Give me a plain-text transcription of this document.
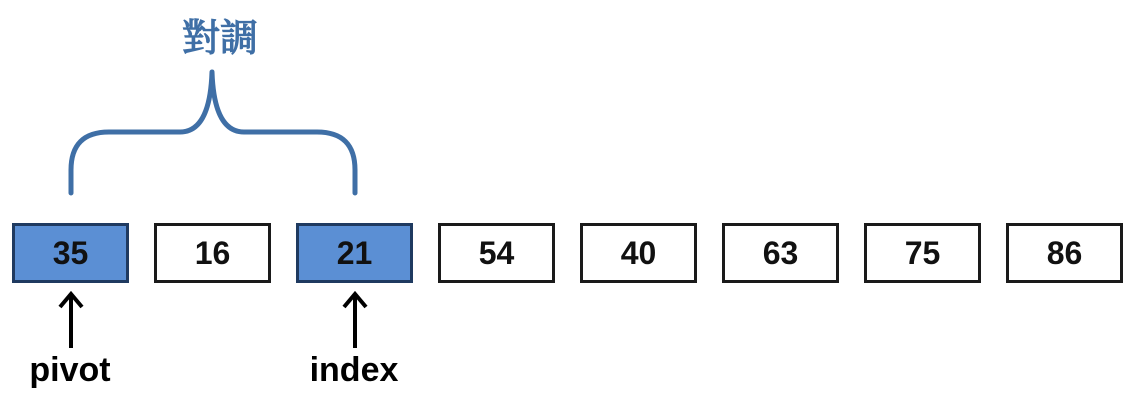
對調
35	16	21	54	40	63	75	86
pivot	index
